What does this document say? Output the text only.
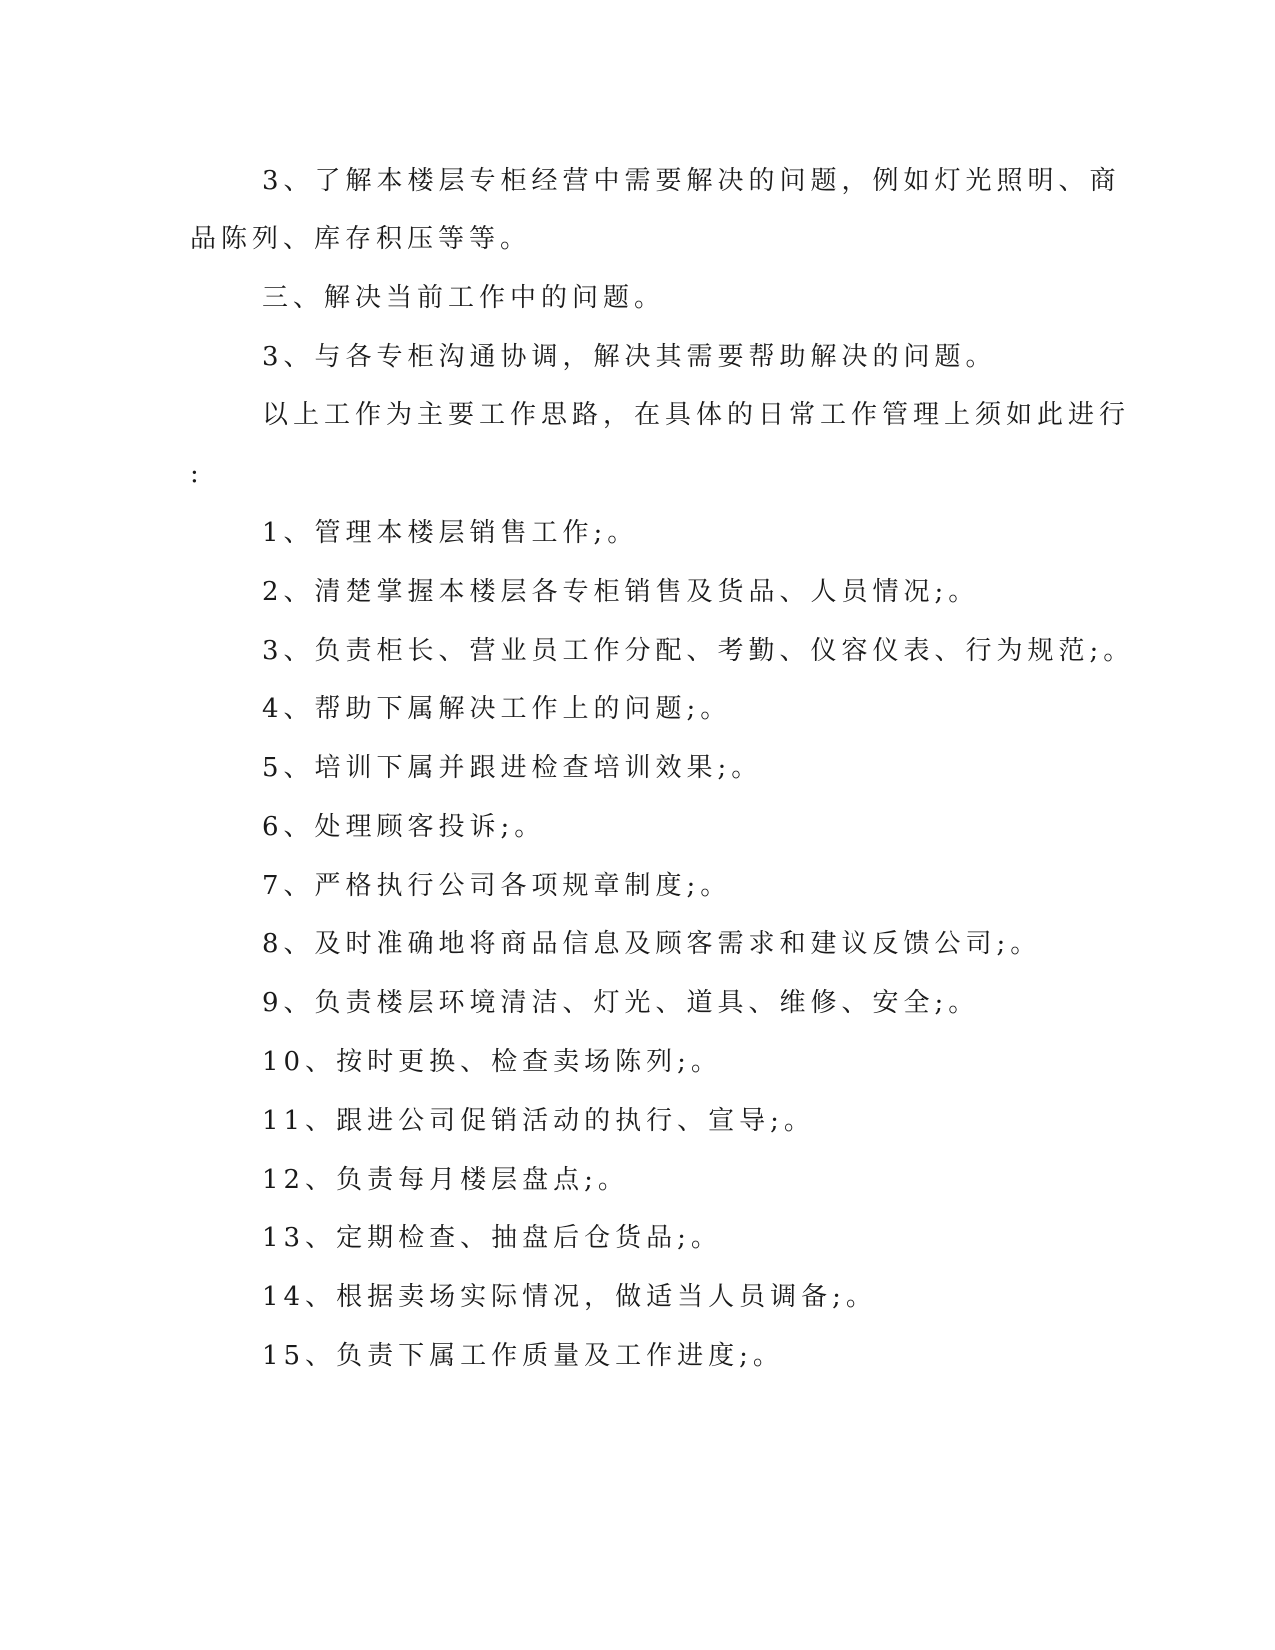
3、了解本楼层专柜经营中需要解决的问题，例如灯光照明、商

品陈列、库存积压等等。

三、解决当前工作中的问题。

3、与各专柜沟通协调，解决其需要帮助解决的问题。

以上工作为主要工作思路，在具体的日常工作管理上须如此进行

:

1、管理本楼层销售工作;。

2、清楚掌握本楼层各专柜销售及货品、人员情况;。

3、负责柜长、营业员工作分配、考勤、仪容仪表、行为规范;。

4、帮助下属解决工作上的问题;。

5、培训下属并跟进检查培训效果;。

6、处理顾客投诉;。

7、严格执行公司各项规章制度;。

8、及时准确地将商品信息及顾客需求和建议反馈公司;。

9、负责楼层环境清洁、灯光、道具、维修、安全;。

10、按时更换、检查卖场陈列;。

11、跟进公司促销活动的执行、宣导;。

12、负责每月楼层盘点;。

13、定期检查、抽盘后仓货品;。

14、根据卖场实际情况，做适当人员调备;。

15、负责下属工作质量及工作进度;。
